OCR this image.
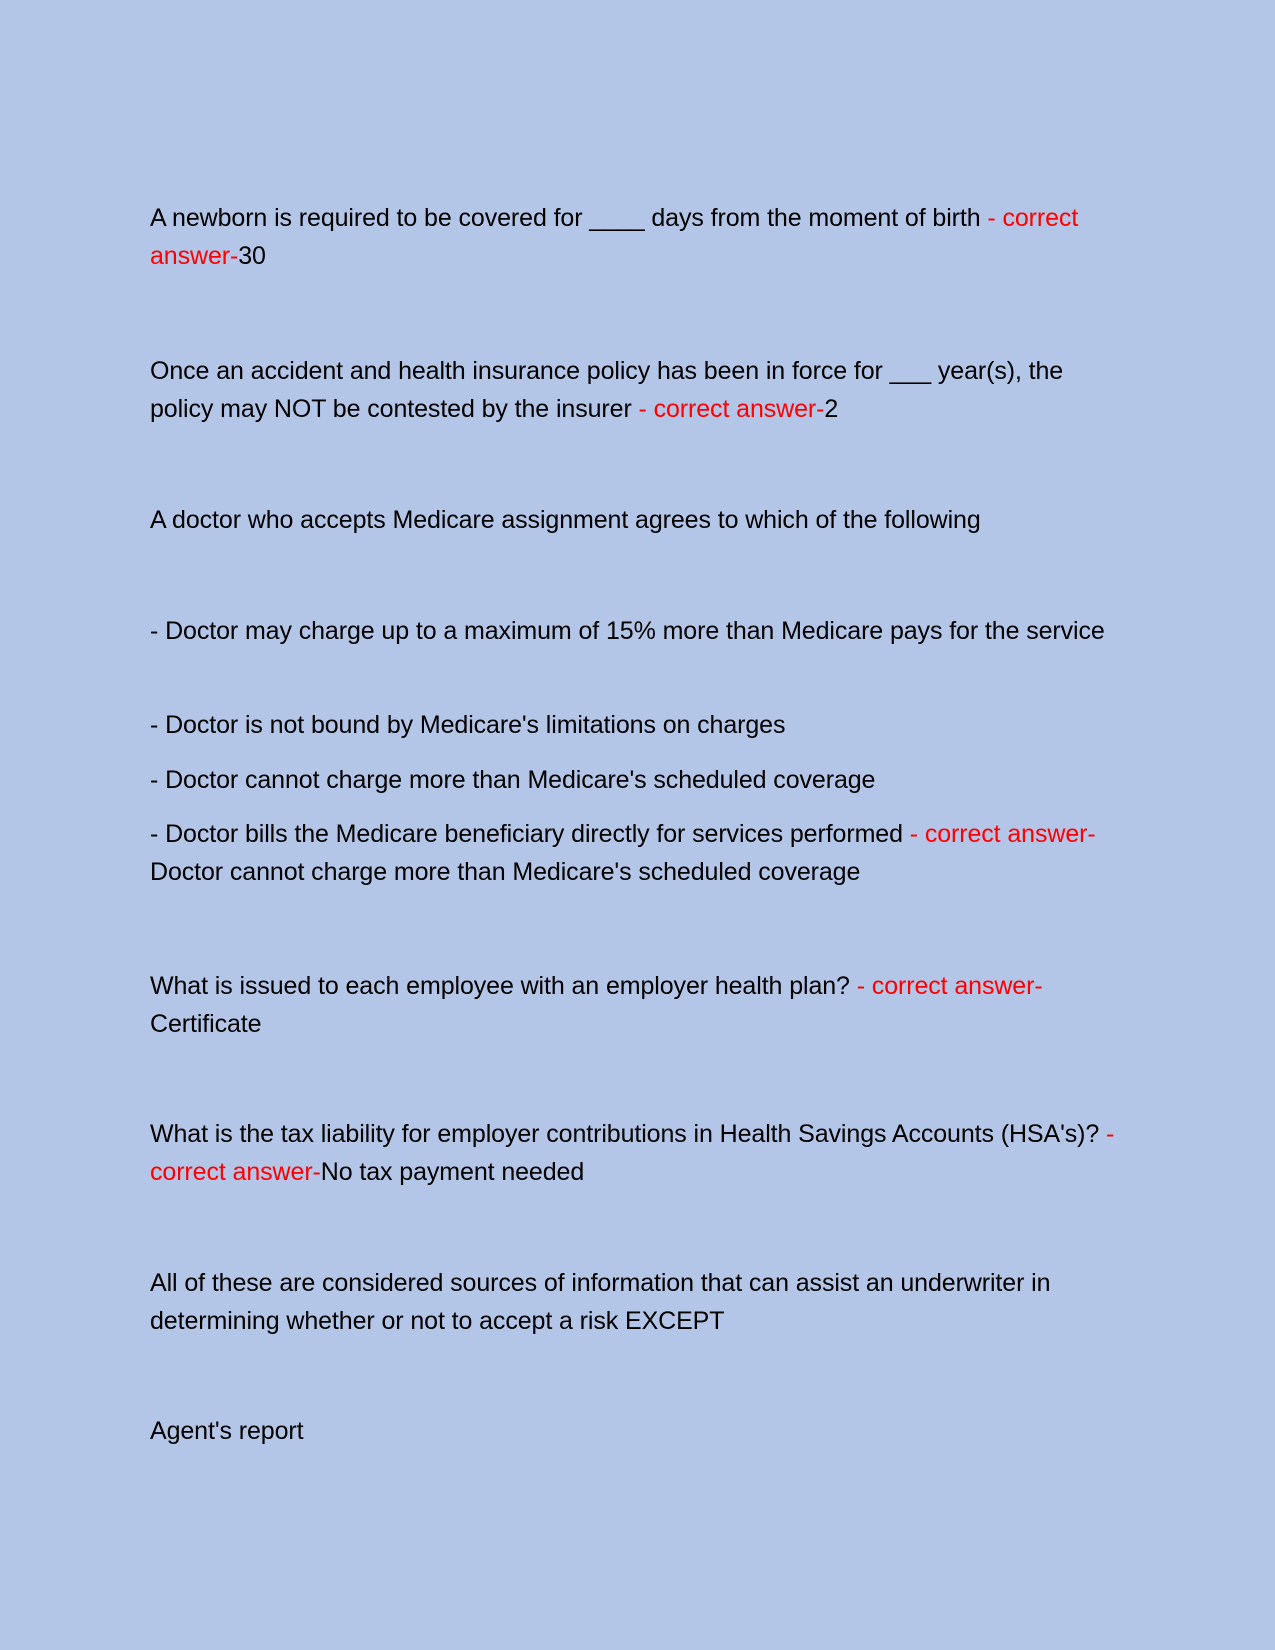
A newborn is required to be covered for ____ days from the moment of birth - correct answer-30

Once an accident and health insurance policy has been in force for ___ year(s), the policy may NOT be contested by the insurer - correct answer-2

A doctor who accepts Medicare assignment agrees to which of the following

- Doctor may charge up to a maximum of 15% more than Medicare pays for the service

- Doctor is not bound by Medicare's limitations on charges

- Doctor cannot charge more than Medicare's scheduled coverage

- Doctor bills the Medicare beneficiary directly for services performed - correct answer-Doctor cannot charge more than Medicare's scheduled coverage

What is issued to each employee with an employer health plan? - correct answer-Certificate

What is the tax liability for employer contributions in Health Savings Accounts (HSA's)? - correct answer-No tax payment needed

All of these are considered sources of information that can assist an underwriter in determining whether or not to accept a risk EXCEPT

Agent's report
